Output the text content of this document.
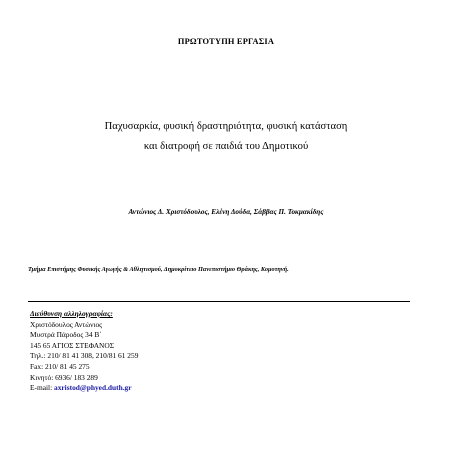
ΠΡΩΤΟΤΥΠΗ ΕΡΓΑΣΙΑ
Παχυσαρκία, φυσική δραστηριότητα, φυσική κατάσταση
και διατροφή σε παιδιά του Δημοτικού
Αντώνιος Δ. Χριστόδουλος, Ελένη Δούδα, Σάββας Π. Τοκμακίδης
Τμήμα Επιστήμης Φυσικής Αγωγής & Αθλητισμού, Δημοκρίτειο Πανεπιστήμιο Θράκης, Κομοτηνή.
Διεύθυνση αλληλογραφίας:
Χριστόδουλος Αντώνιος
Μυστρά Πάροδος 34 Β΄
145 65 ΑΓΙΟΣ ΣΤΕΦΑΝΟΣ
Τηλ.: 210/ 81 41 308, 210/81 61 259
Fax: 210/ 81 45 275
Κινητό: 6936/ 183 289
E-mail: axristod@phyed.duth.gr
